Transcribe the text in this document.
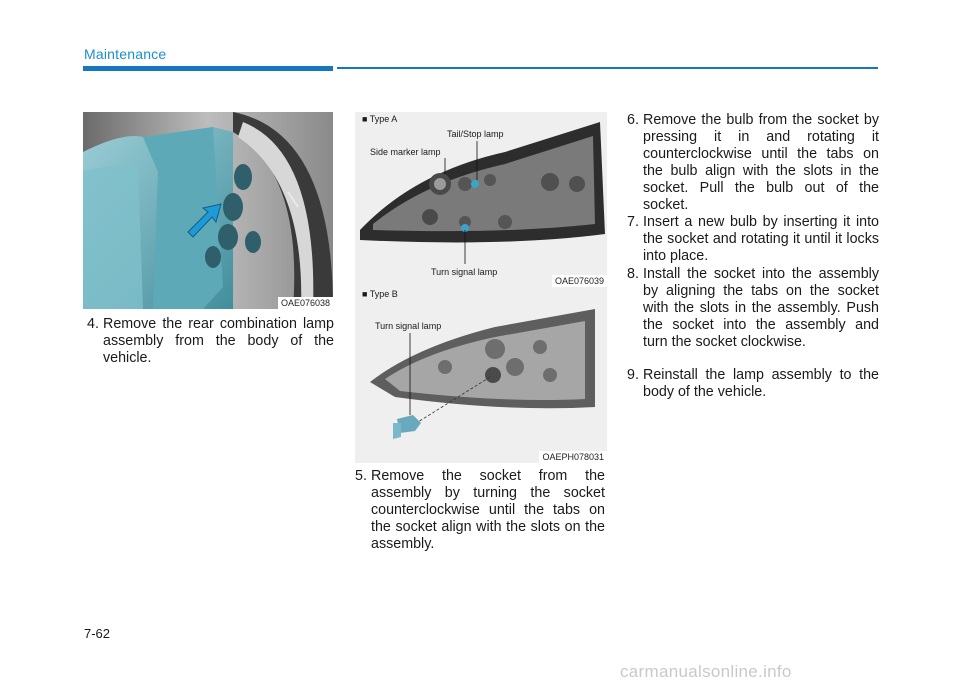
Maintenance
OAE076038
■ Type A
Tail/Stop lamp
Side marker lamp
Turn signal lamp
OAE076039
■ Type B
Turn signal lamp
OAEPH078031
4. Remove the rear combination lamp assembly from the body of the vehicle.

5. Remove the socket from the assembly by turning the socket counterclockwise until the tabs on the socket align with the slots on the assembly.

6. Remove the bulb from the socket by pressing it in and rotating it counterclockwise until the tabs on the bulb align with the slots in the socket. Pull the bulb out of the socket.

7. Insert a new bulb by inserting it into the socket and rotating it until it locks into place.

8. Install the socket into the assembly by aligning the tabs on the socket with the slots in the assembly. Push the socket into the assembly and turn the socket clockwise.

9. Reinstall the lamp assembly to the body of the vehicle.

7-62
carmanualsonline.info
